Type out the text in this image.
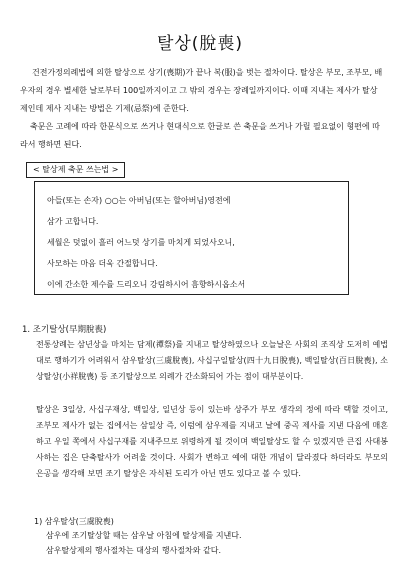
탈상(脫喪)

건전가정의례법에 의한 탈상으로 상기(喪期)가 끝나 복(服)을 벗는 절차이다. 탈상은 부모, 조부모, 배우자의 경우 별세한 날로부터 100일까지이고 그 밖의 경우는 장례일까지이다. 이때 지내는 제사가 탈상제인데 제사 지내는 방법은 기제(忌祭)에 준한다.

축문은 고례에 따라 한문식으로 쓰거나 현대식으로 한글로 쓴 축문을 쓰거나 가릴 필요없이 형편에 따라서 행하면 된다.

< 탈상제 축문 쓰는법 >

아들(또는 손자) ○○는 아버님(또는 할아버님)영전에

삼가 고합니다.

세월은 덧없이 흘러 어느덧 상기를 마치게 되었사오니,

사모하는 마음 더욱 간절합니다.

이에 간소한 제수를 드리오니 강림하시어 흠향하시옵소서

1. 조기탈상(早期脫喪)

전통상례는 삼년상을 마치는 담제(禫祭)를 지내고 탈상하였으나 오늘날은 사회의 조직상 도저히 예법대로 행하기가 어려워서 삼우탈상(三虞脫喪), 사십구일탈상(四十九日脫喪), 백일탈상(百日脫喪), 소상탈상(小祥脫喪) 등 조기탈상으로 의례가 간소화되어 가는 점이 대부분이다.

탈상은 3일상, 사십구재상, 백일상, 일년상 등이 있는바 상주가 부모 생각의 정에 따라 택할 것이고, 조부모 제사가 없는 집에서는 삼일상 즉, 이럼에 삼우제를 지내고 날에 중곡 제사를 지낸 다음에 매혼하고 우일 쪽에서 사십구재를 지내주므로 위령하게 될 것이며 백일탈상도 할 수 있겠지만 큰집 사대봉사하는 집은 단축탈사가 어려울 것이다. 사회가 변하고 예에 대한 개념이 달라졌다 하더라도 부모의 은공을 생각해 보면 조기 탈상은 자식된 도리가 아닌 면도 있다고 볼 수 있다.

1) 삼우탈상(三虞脫喪)

삼우에 조기탈상할 때는 삼우날 아침에 탈상제를 지낸다.

삼우탈상제의 행사절차는 대상의 행사절차와 같다.
